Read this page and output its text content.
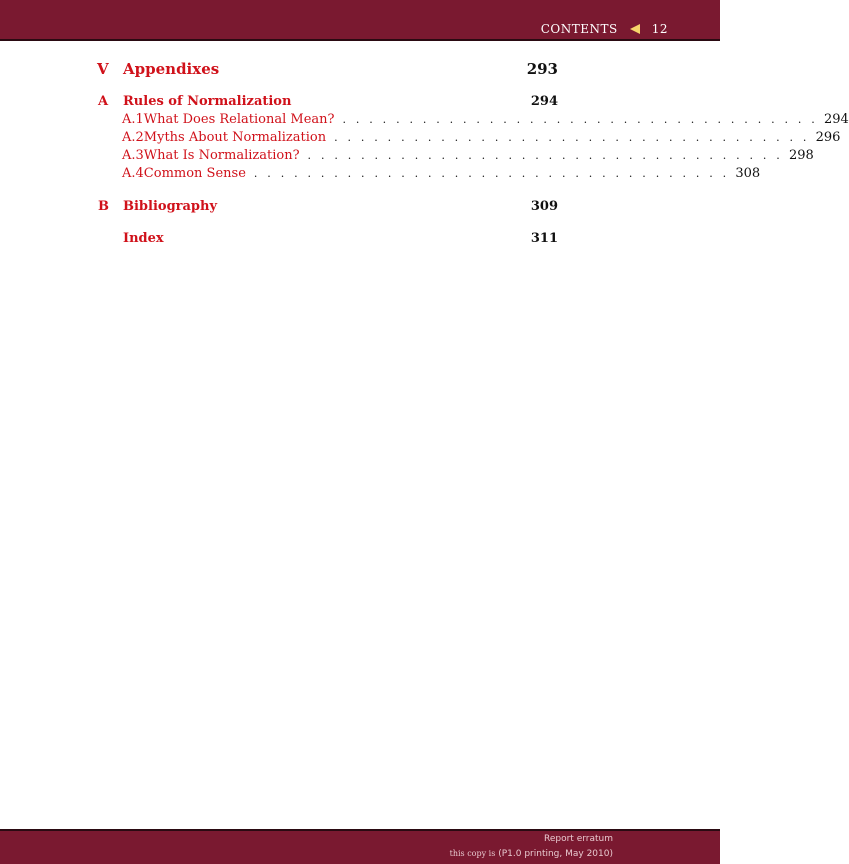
CONTENTS	12
V Appendixes	293
A	Rules of Normalization	294
A.1 What Does Relational Mean? . . . . . . . . . . . . . . . . . . . . . . . . . . . . . . . . . . . . 294
A.2 Myths About Normalization . . . . . . . . . . . . . . . . . . . . . . . . . . . . . . . . . . . . 296
A.3 What Is Normalization? . . . . . . . . . . . . . . . . . . . . . . . . . . . . . . . . . . . . 298
A.4 Common Sense . . . . . . . . . . . . . . . . . . . . . . . . . . . . . . . . . . . . 308
B	Bibliography	309
Index	311
Report erratum
this copy is (P1.0 printing, May 2010)
